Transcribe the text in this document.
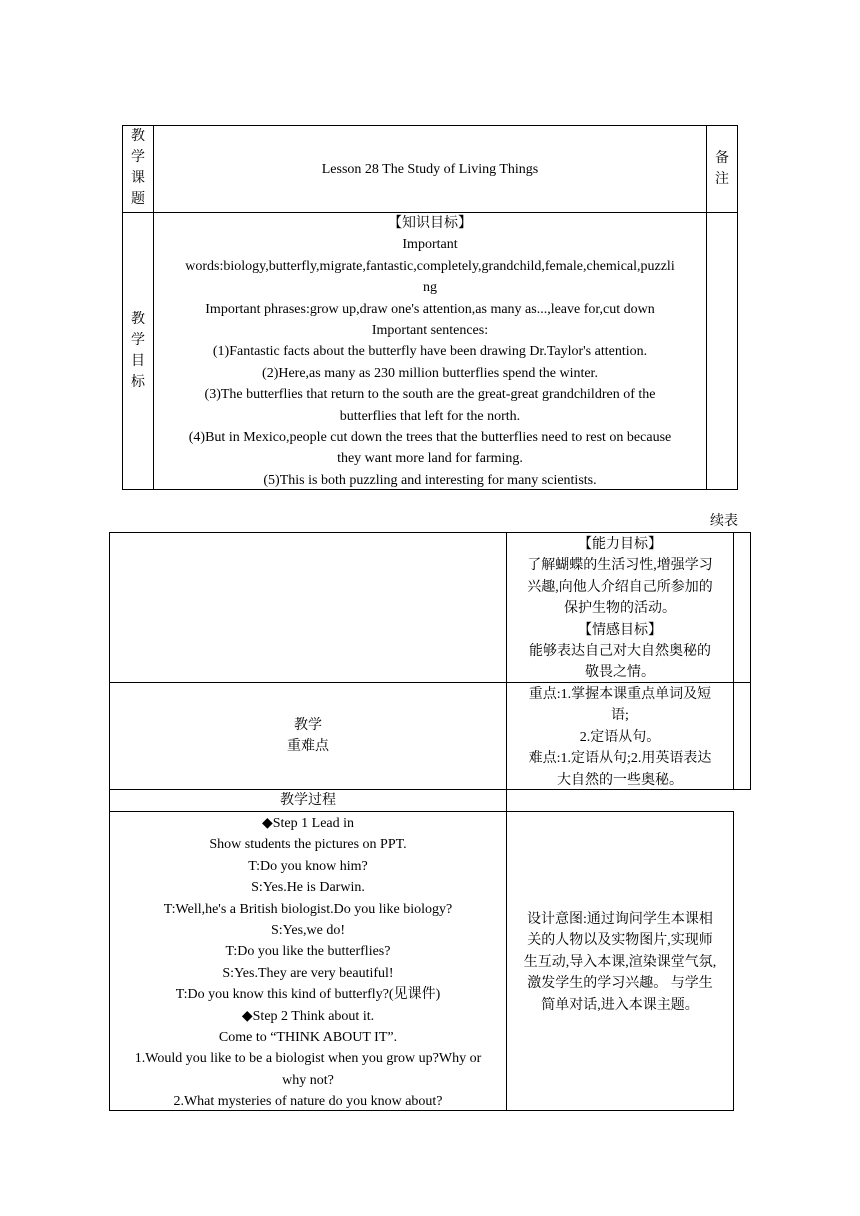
教
学
课
题
Lesson 28 The Study of Living Things
备
注
教
学
目
标
【知识目标】
Important
words:biology,butterfly,migrate,fantastic,completely,grandchild,female,chemical,puzzli
ng
Important phrases:grow up,draw one's attention,as many as...,leave for,cut down
Important sentences:
(1)Fantastic facts about the butterfly have been drawing Dr.Taylor's attention.
(2)Here,as many as 230 million butterflies spend the winter.
(3)The butterflies that return to the south are the great-great grandchildren of the
butterflies that left for the north.
(4)But in Mexico,people cut down the trees that the butterflies need to rest on because
they want more land for farming.
(5)This is both puzzling and interesting for many scientists.
续表
【能力目标】
了解蝴蝶的生活习性,增强学习
兴趣,向他人介绍自己所参加的
保护生物的活动。
【情感目标】
能够表达自己对大自然奥秘的
敬畏之情。
教学
重难点
重点:1.掌握本课重点单词及短
语;
2.定语从句。
难点:1.定语从句;2.用英语表达
大自然的一些奥秘。
教学过程
◆Step 1 Lead in
Show students the pictures on PPT.
T:Do you know him?
S:Yes.He is Darwin.
T:Well,he's a British biologist.Do you like biology?
S:Yes,we do!
T:Do you like the butterflies?
S:Yes.They are very beautiful!
T:Do you know this kind of butterfly?(见课件)
◆Step 2 Think about it.
Come to “THINK ABOUT IT”.
1.Would you like to be a biologist when you grow up?Why or
why not?
2.What mysteries of nature do you know about?
设计意图:通过询问学生本课相
关的人物以及实物图片,实现师
生互动,导入本课,渲染课堂气氛,
激发学生的学习兴趣。 与学生
简单对话,进入本课主题。
